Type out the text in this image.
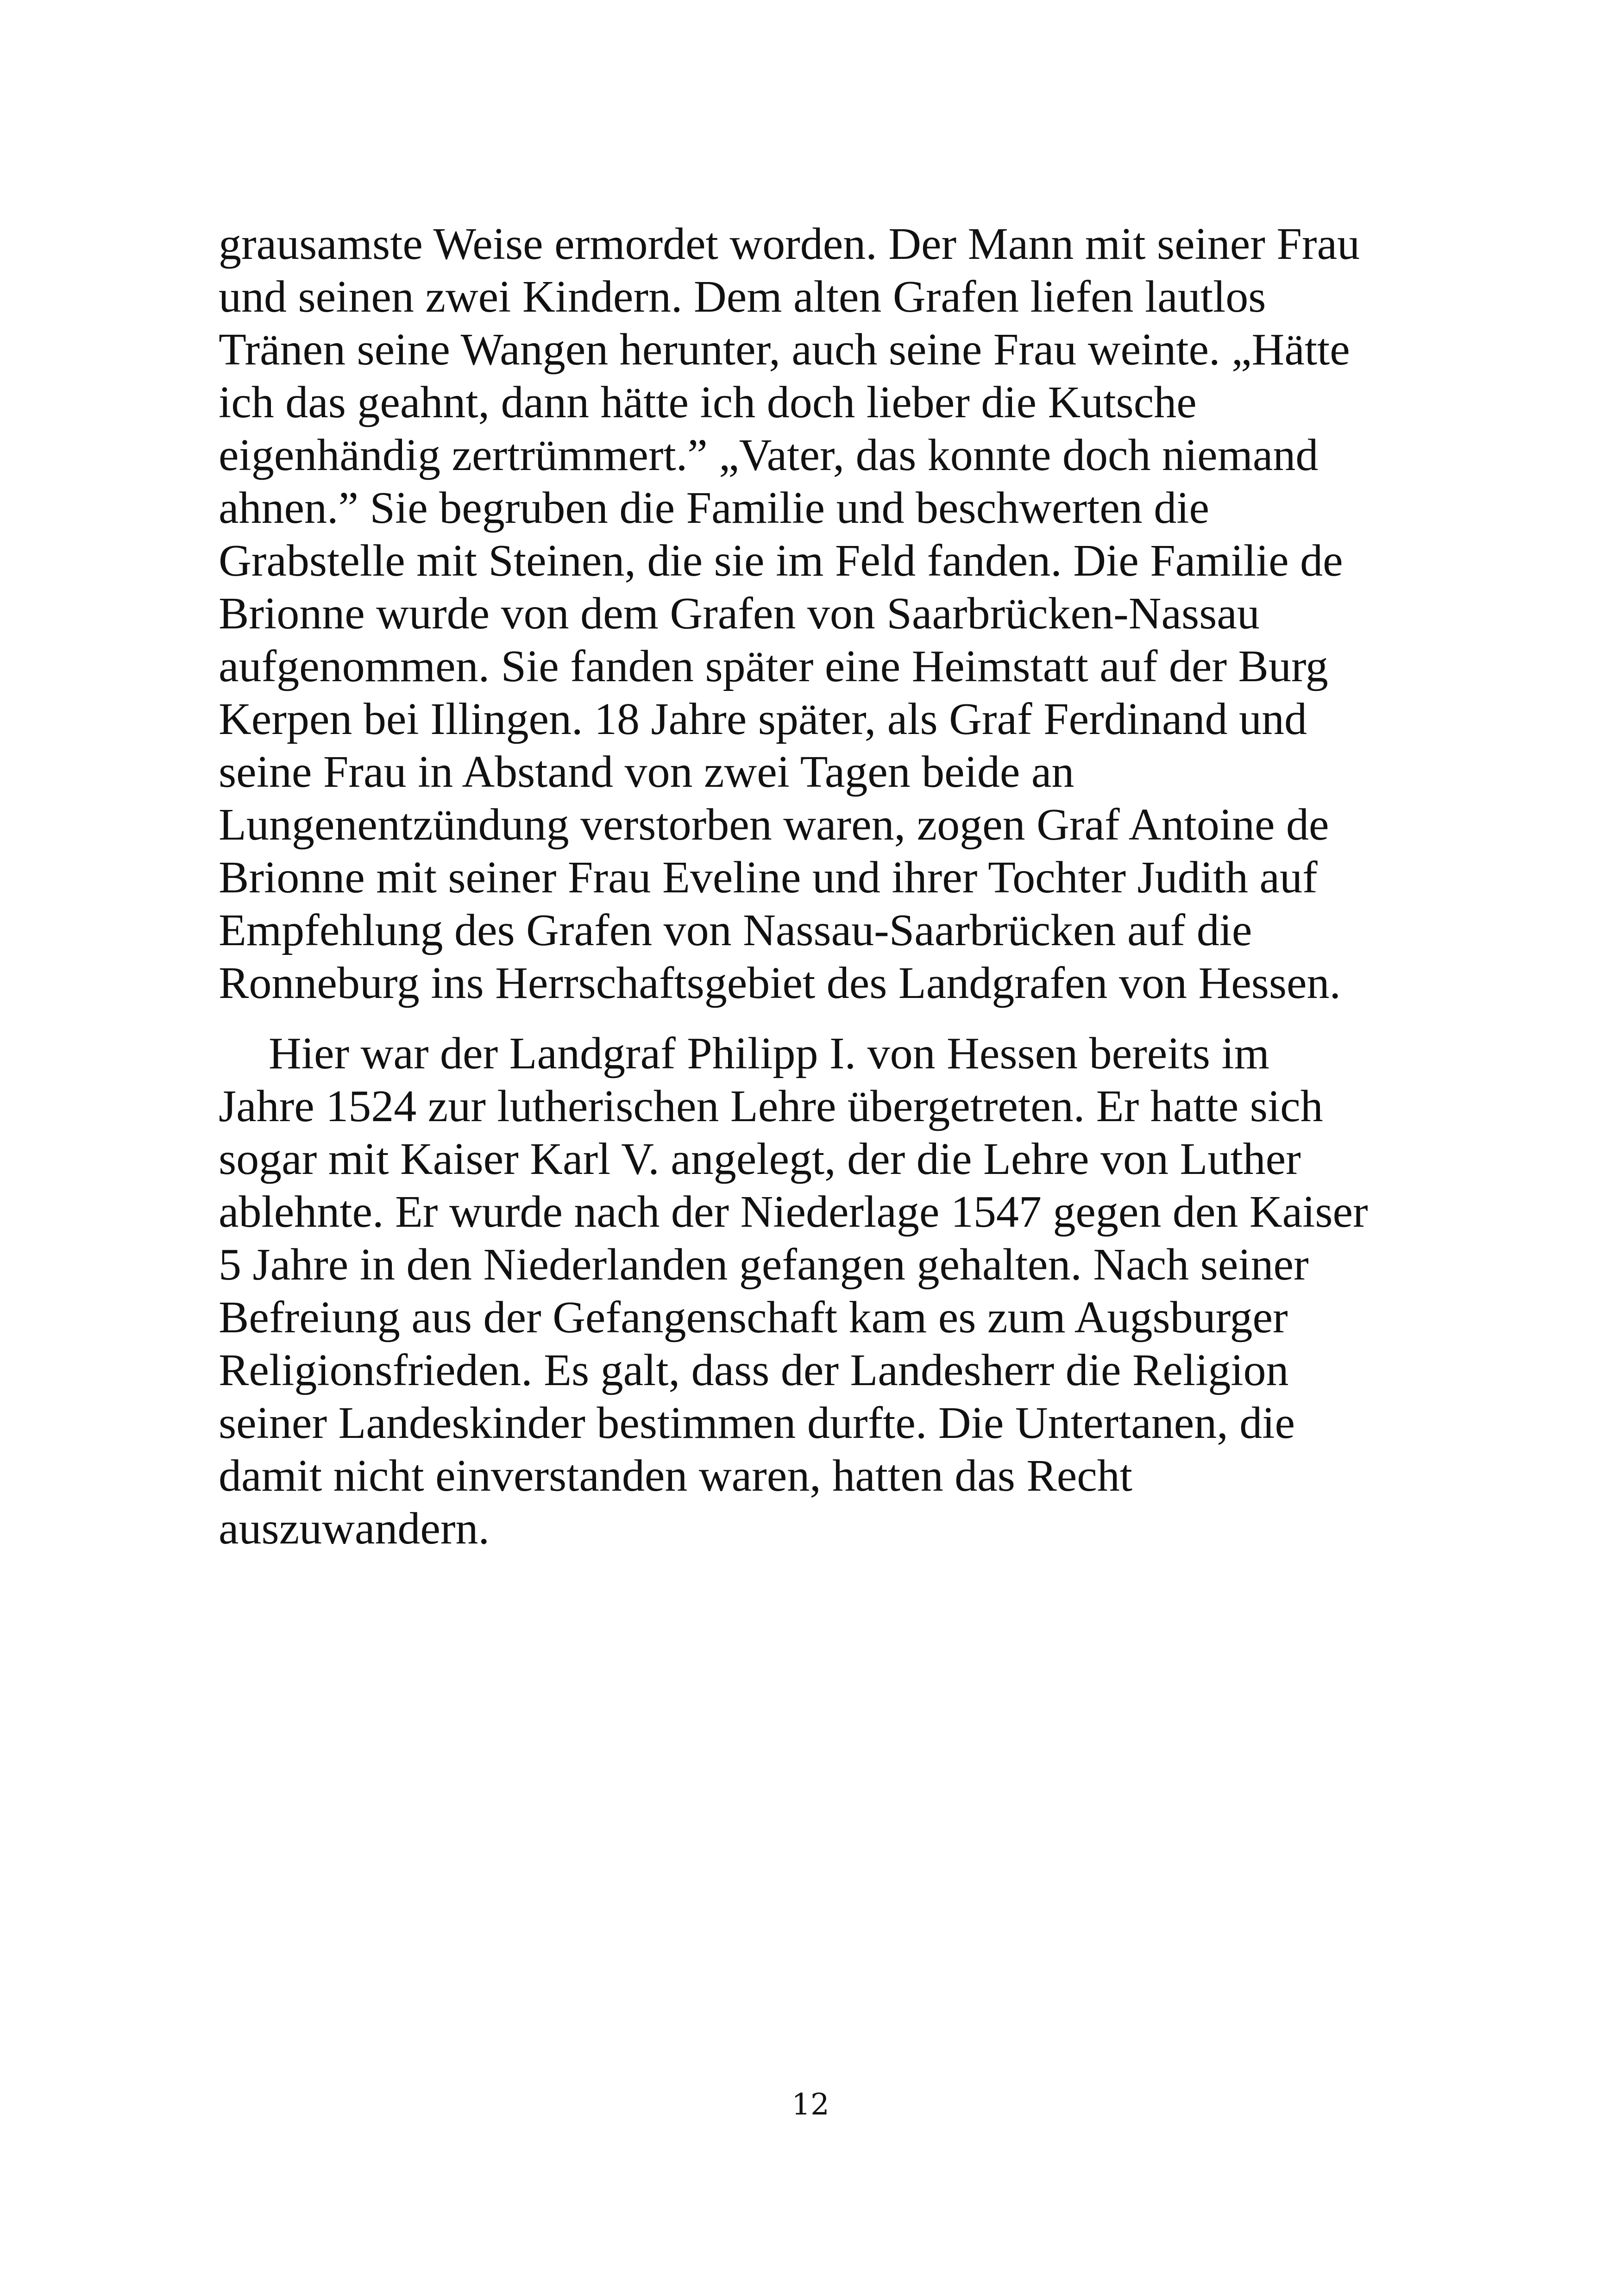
grausamste Weise ermordet worden. Der Mann mit seiner Frau
und seinen zwei Kindern. Dem alten Grafen liefen lautlos
Tränen seine Wangen herunter, auch seine Frau weinte. „Hätte
ich das geahnt, dann hätte ich doch lieber die Kutsche
eigenhändig zertrümmert.” „Vater, das konnte doch niemand
ahnen.” Sie begruben die Familie und beschwerten die
Grabstelle mit Steinen, die sie im Feld fanden. Die Familie de
Brionne wurde von dem Grafen von Saarbrücken-Nassau
aufgenommen. Sie fanden später eine Heimstatt auf der Burg
Kerpen bei Illingen. 18 Jahre später, als Graf Ferdinand und
seine Frau in Abstand von zwei Tagen beide an
Lungenentzündung verstorben waren, zogen Graf Antoine de
Brionne mit seiner Frau Eveline und ihrer Tochter Judith auf
Empfehlung des Grafen von Nassau-Saarbrücken auf die
Ronneburg ins Herrschaftsgebiet des Landgrafen von Hessen.
Hier war der Landgraf Philipp I. von Hessen bereits im
Jahre 1524 zur lutherischen Lehre übergetreten. Er hatte sich
sogar mit Kaiser Karl V. angelegt, der die Lehre von Luther
ablehnte. Er wurde nach der Niederlage 1547 gegen den Kaiser
5 Jahre in den Niederlanden gefangen gehalten. Nach seiner
Befreiung aus der Gefangenschaft kam es zum Augsburger
Religionsfrieden. Es galt, dass der Landesherr die Religion
seiner Landeskinder bestimmen durfte. Die Untertanen, die
damit nicht einverstanden waren, hatten das Recht
auszuwandern.
12
